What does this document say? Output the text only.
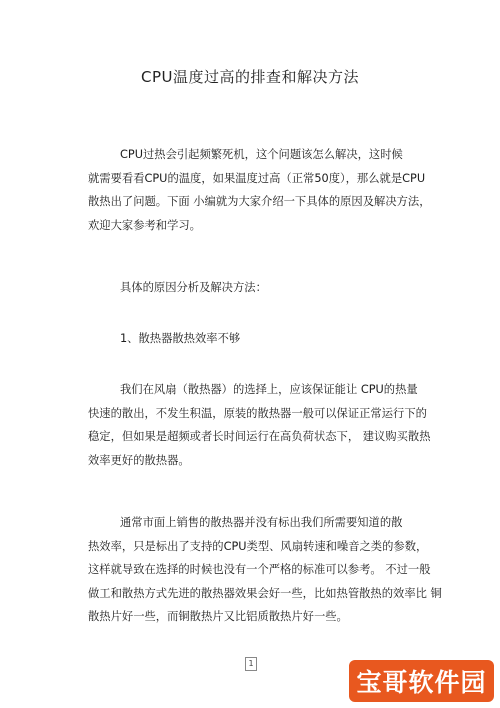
CPU温度过高的排查和解决方法
CPU过热会引起频繁死机，这个问题该怎么解决，这时候
就需要看看CPU的温度，如果温度过高（正常50度），那么就是CPU
散热出了问题。下面 小编就为大家介绍一下具体的原因及解决方法，
欢迎大家参考和学习。
具体的原因分析及解决方法：
1、散热器散热效率不够
我们在风扇（散热器）的选择上，应该保证能让 CPU的热量
快速的散出，不发生积温，原装的散热器一般可以保证正常运行下的
稳定，但如果是超频或者长时间运行在高负荷状态下， 建议购买散热
效率更好的散热器。
通常市面上销售的散热器并没有标出我们所需要知道的散
热效率，只是标出了支持的CPU类型、风扇转速和噪音之类的参数，
这样就导致在选择的时候也没有一个严格的标准可以参考。 不过一般
做工和散热方式先进的散热器效果会好一些，比如热管散热的效率比 铜
散热片好一些，而铜散热片又比铝质散热片好一些。
1
宝哥软件园
